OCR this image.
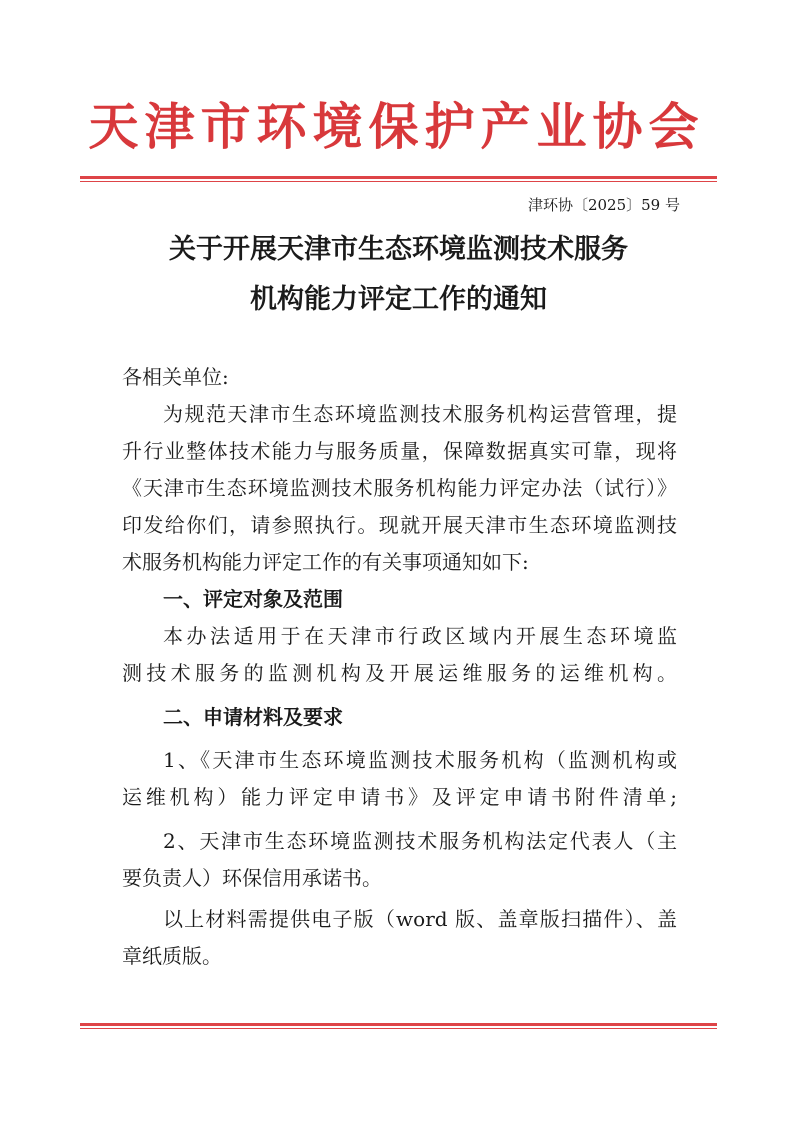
天津市环境保护产业协会
津环协〔2025〕59 号
关于开展天津市生态环境监测技术服务
机构能力评定工作的通知
各相关单位:
为规范天津市生态环境监测技术服务机构运营管理，提
升行业整体技术能力与服务质量，保障数据真实可靠，现将
《天津市生态环境监测技术服务机构能力评定办法（试行）》
印发给你们，请参照执行。现就开展天津市生态环境监测技
术服务机构能力评定工作的有关事项通知如下:
一、评定对象及范围
本办法适用于在天津市行政区域内开展生态环境监
测技术服务的监测机构及开展运维服务的运维机构。
二、申请材料及要求
1、《天津市生态环境监测技术服务机构（监测机构或
运维机构）能力评定申请书》及评定申请书附件清单;
2、天津市生态环境监测技术服务机构法定代表人（主
要负责人）环保信用承诺书。
以上材料需提供电子版（word 版、盖章版扫描件）、盖
章纸质版。
